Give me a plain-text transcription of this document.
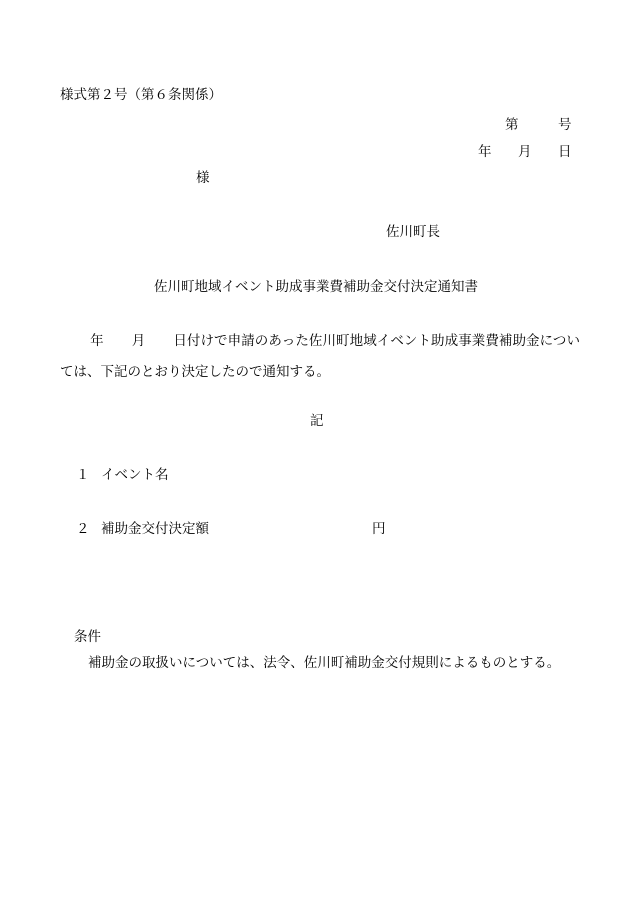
様式第２号（第６条関係）
第	号
年 月 日
様
佐川町長
佐川町地域イベント助成事業費補助金交付決定通知書
年 月 日付けで申請のあった佐川町地域イベント助成事業費補助金については、下記のとおり決定したので通知する。
記
１ イベント名
２ 補助金交付決定額	円
条件
補助金の取扱いについては、法令、佐川町補助金交付規則によるものとする。
